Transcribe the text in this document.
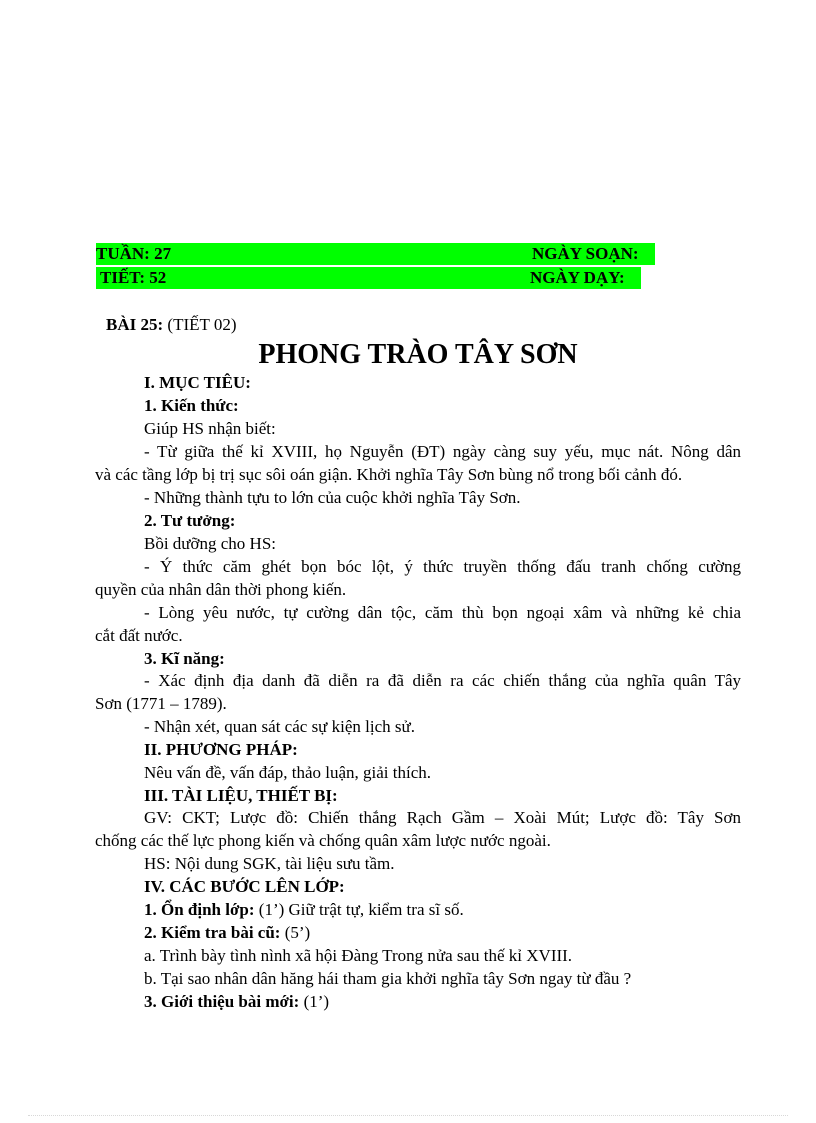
TUẦN: 27	NGÀY SOẠN:
TIẾT: 52	NGÀY DẠY:
BÀI 25: (TIẾT 02)
PHONG TRÀO TÂY SƠN
I. MỤC TIÊU:
1. Kiến thức:
Giúp HS nhận biết:
- Từ giữa thế kỉ XVIII, họ Nguyễn (ĐT) ngày càng suy yếu, mục nát. Nông dân
và các tầng lớp bị trị sục sôi oán giận. Khởi nghĩa Tây Sơn bùng nổ trong bối cảnh đó.
- Những thành tựu to lớn của cuộc khởi nghĩa Tây Sơn.
2. Tư tưởng:
Bồi dưỡng cho HS:
- Ý thức căm ghét bọn bóc lột, ý thức truyền thống đấu tranh chống cường
quyền của nhân dân thời phong kiến.
- Lòng yêu nước, tự cường dân tộc, căm thù bọn ngoại xâm và những kẻ chia
cắt đất nước.
3. Kĩ năng:
- Xác định địa danh đã diễn ra đã diễn ra các chiến thắng của nghĩa quân Tây
Sơn (1771 – 1789).
- Nhận xét, quan sát các sự kiện lịch sử.
II. PHƯƠNG PHÁP:
Nêu vấn đề, vấn đáp, thảo luận, giải thích.
III. TÀI LIỆU, THIẾT BỊ:
GV: CKT; Lược đồ: Chiến thắng Rạch Gầm – Xoài Mút; Lược đồ: Tây Sơn
chống các thế lực phong kiến và chống quân xâm lược nước ngoài.
HS: Nội dung SGK, tài liệu sưu tầm.
IV. CÁC BƯỚC LÊN LỚP:
1. Ổn định lớp: (1’) Giữ trật tự, kiểm tra sĩ số.
2. Kiểm tra bài cũ: (5’)
a. Trình bày tình nình xã hội Đàng Trong nửa sau thế kỉ XVIII.
b. Tại sao nhân dân hăng hái tham gia khởi nghĩa tây Sơn ngay từ đầu ?
3. Giới thiệu bài mới: (1’)
